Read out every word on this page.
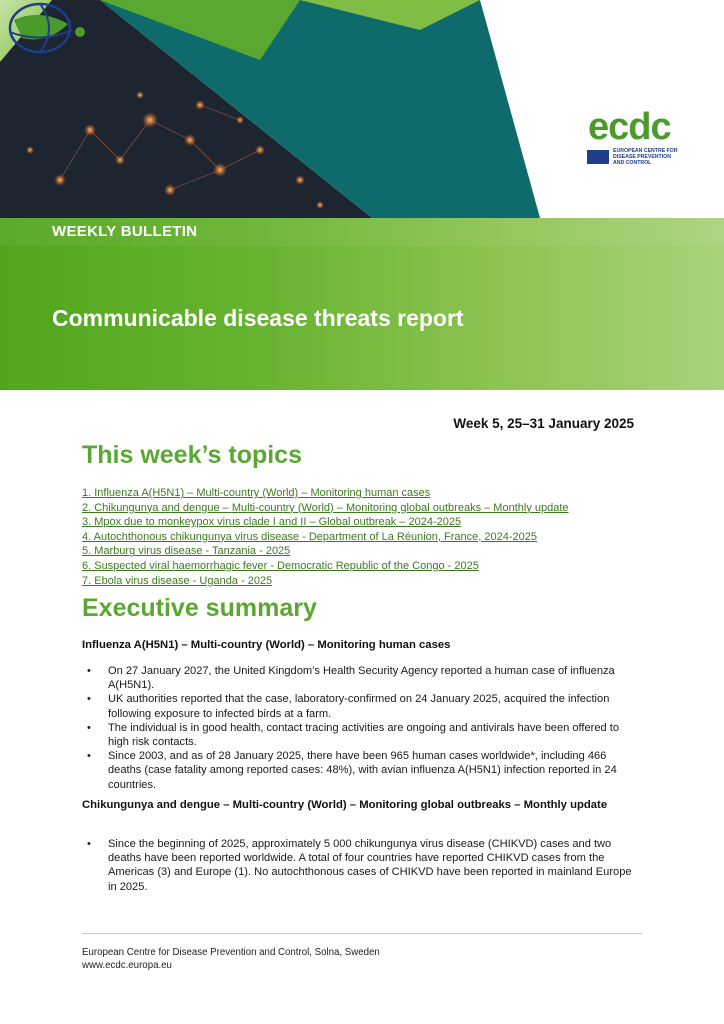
ecdc
EUROPEAN CENTRE FOR DISEASE PREVENTION AND CONTROL
WEEKLY BULLETIN
Communicable disease threats report
Week 5, 25–31 January 2025
This week’s topics
1. Influenza A(H5N1) – Multi-country (World) – Monitoring human cases
2. Chikungunya and dengue – Multi-country (World) – Monitoring global outbreaks – Monthly update
3. Mpox due to monkeypox virus clade I and II – Global outbreak – 2024-2025
4. Autochthonous chikungunya virus disease - Department of La Réunion, France, 2024-2025
5. Marburg virus disease - Tanzania - 2025
6. Suspected viral haemorrhagic fever - Democratic Republic of the Congo - 2025
7. Ebola virus disease - Uganda - 2025
Executive summary
Influenza A(H5N1) – Multi-country (World) – Monitoring human cases
• On 27 January 2027, the United Kingdom’s Health Security Agency reported a human case of influenza A(H5N1).
• UK authorities reported that the case, laboratory-confirmed on 24 January 2025, acquired the infection following exposure to infected birds at a farm.
• The individual is in good health, contact tracing activities are ongoing and antivirals have been offered to high risk contacts.
• Since 2003, and as of 28 January 2025, there have been 965 human cases worldwide*, including 466 deaths (case fatality among reported cases: 48%), with avian influenza A(H5N1) infection reported in 24 countries.
Chikungunya and dengue – Multi-country (World) – Monitoring global outbreaks – Monthly update
• Since the beginning of 2025, approximately 5 000 chikungunya virus disease (CHIKVD) cases and two deaths have been reported worldwide. A total of four countries have reported CHIKVD cases from the Americas (3) and Europe (1). No autochthonous cases of CHIKVD have been reported in mainland Europe in 2025.
European Centre for Disease Prevention and Control, Solna, Sweden
www.ecdc.europa.eu
